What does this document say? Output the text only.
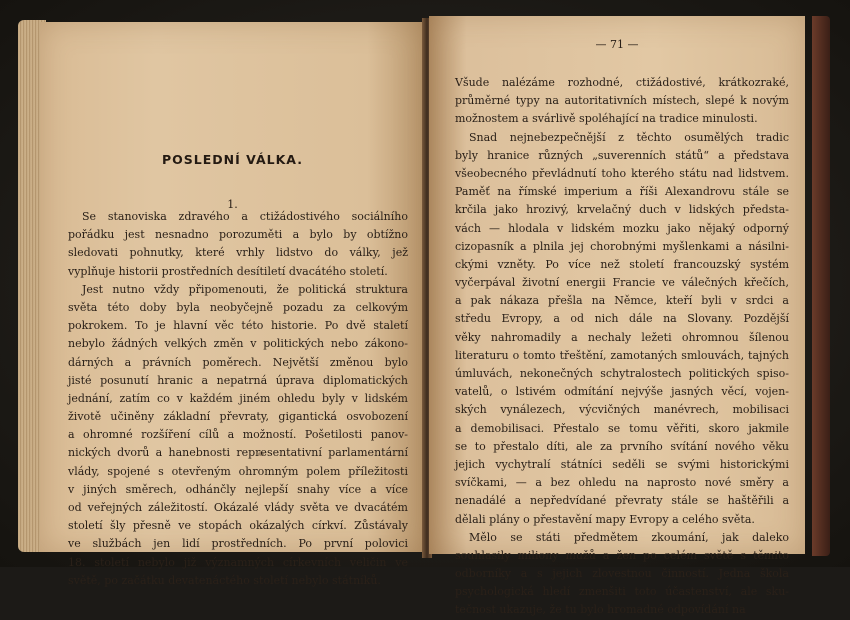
POSLEDNÍ VÁLKA.
1.
Se stanoviska zdravého a ctižádostivého sociálního
pořádku jest nesnadno porozuměti a bylo by obtížno
sledovati pohnutky, které vrhly lidstvo do války, jež
vyplňuje historii prostředních desítiletí dvacátého století.
Jest nutno vždy připomenouti, že politická struktura
světa této doby byla neobyčejně pozadu za celkovým
pokrokem. To je hlavní věc této historie. Po dvě staletí
nebylo žádných velkých změn v politických nebo zákono-
dárných a právních poměrech. Největší změnou bylo
jisté posunutí hranic a nepatrná úprava diplomatických
jednání, zatím co v každém jiném ohledu byly v lidském
životě učiněny základní převraty, gigantická osvobození
a ohromné rozšíření cílů a možností. Pošetilosti panov-
nických dvorů a hanebnosti representativní parlamentární
vlády, spojené s otevřeným ohromným polem příležitosti
v jiných směrech, odhánčly nejlepší snahy více a více
od veřejných záležitostí. Okázalé vlády světa ve dvacátém
století šly přesně ve stopách okázalých církví. Zůstávaly
ve službách jen lidí prostředních. Po první polovici
18. století nebylo již významných církevních veličin ve
světě, po začátku devatenáctého století nebylo státníků.
— 71 —
Všude nalézáme rozhodné, ctižádostivé, krátkozraké,
průměrné typy na autoritativních místech, slepé k novým
možnostem a svárlivě spoléhající na tradice minulosti.
Snad nejnebezpečnější z těchto osumělých tradic
byly hranice různých „suverenních států“ a představa
všeobecného převládnutí toho kterého státu nad lidstvem.
Paměť na římské imperium a říši Alexandrovu stále se
krčila jako hrozivý, krvelačný duch v lidských předsta-
vách — hlodala v lidském mozku jako nějaký odporný
cizopasník a plnila jej chorobnými myšlenkami a násilni-
ckými vzněty. Po více než století francouzský systém
vyčerpával životní energii Francie ve válečných křečích,
a pak nákaza přešla na Němce, kteří byli v srdci a
středu Evropy, a od nich dále na Slovany. Pozdější
věky nahromadily a nechaly ležeti ohromnou šílenou
literaturu o tomto třeštění, zamotaných smlouvách, tajných
úmluvách, nekonečných schytralostech politických spiso-
vatelů, o lstivém odmítání nejvýše jasných věcí, vojen-
ských vynálezech, výcvičných manévrech, mobilisaci
a demobilisaci. Přestalo se tomu věřiti, skoro jakmile
se to přestalo díti, ale za prvního svítání nového věku
jejich vychytralí státníci seděli se svými historickými
svíčkami, — a bez ohledu na naprosto nové směry a
nenadálé a nepředvídané převraty stále se haštěřili a
dělali plány o přestavění mapy Evropy a celého světa.
Mělo se státi předmětem zkoumání, jak daleko
souhlasily miliony mužů a žen po celém světě s těmito
odborníky a s jejich zlovestnou činností. Jedna škola
psychologická hledí zmenšiti toto účastenství, ale sku-
tečnost ukazuje, že tu bylo hromadné odpovídání na
